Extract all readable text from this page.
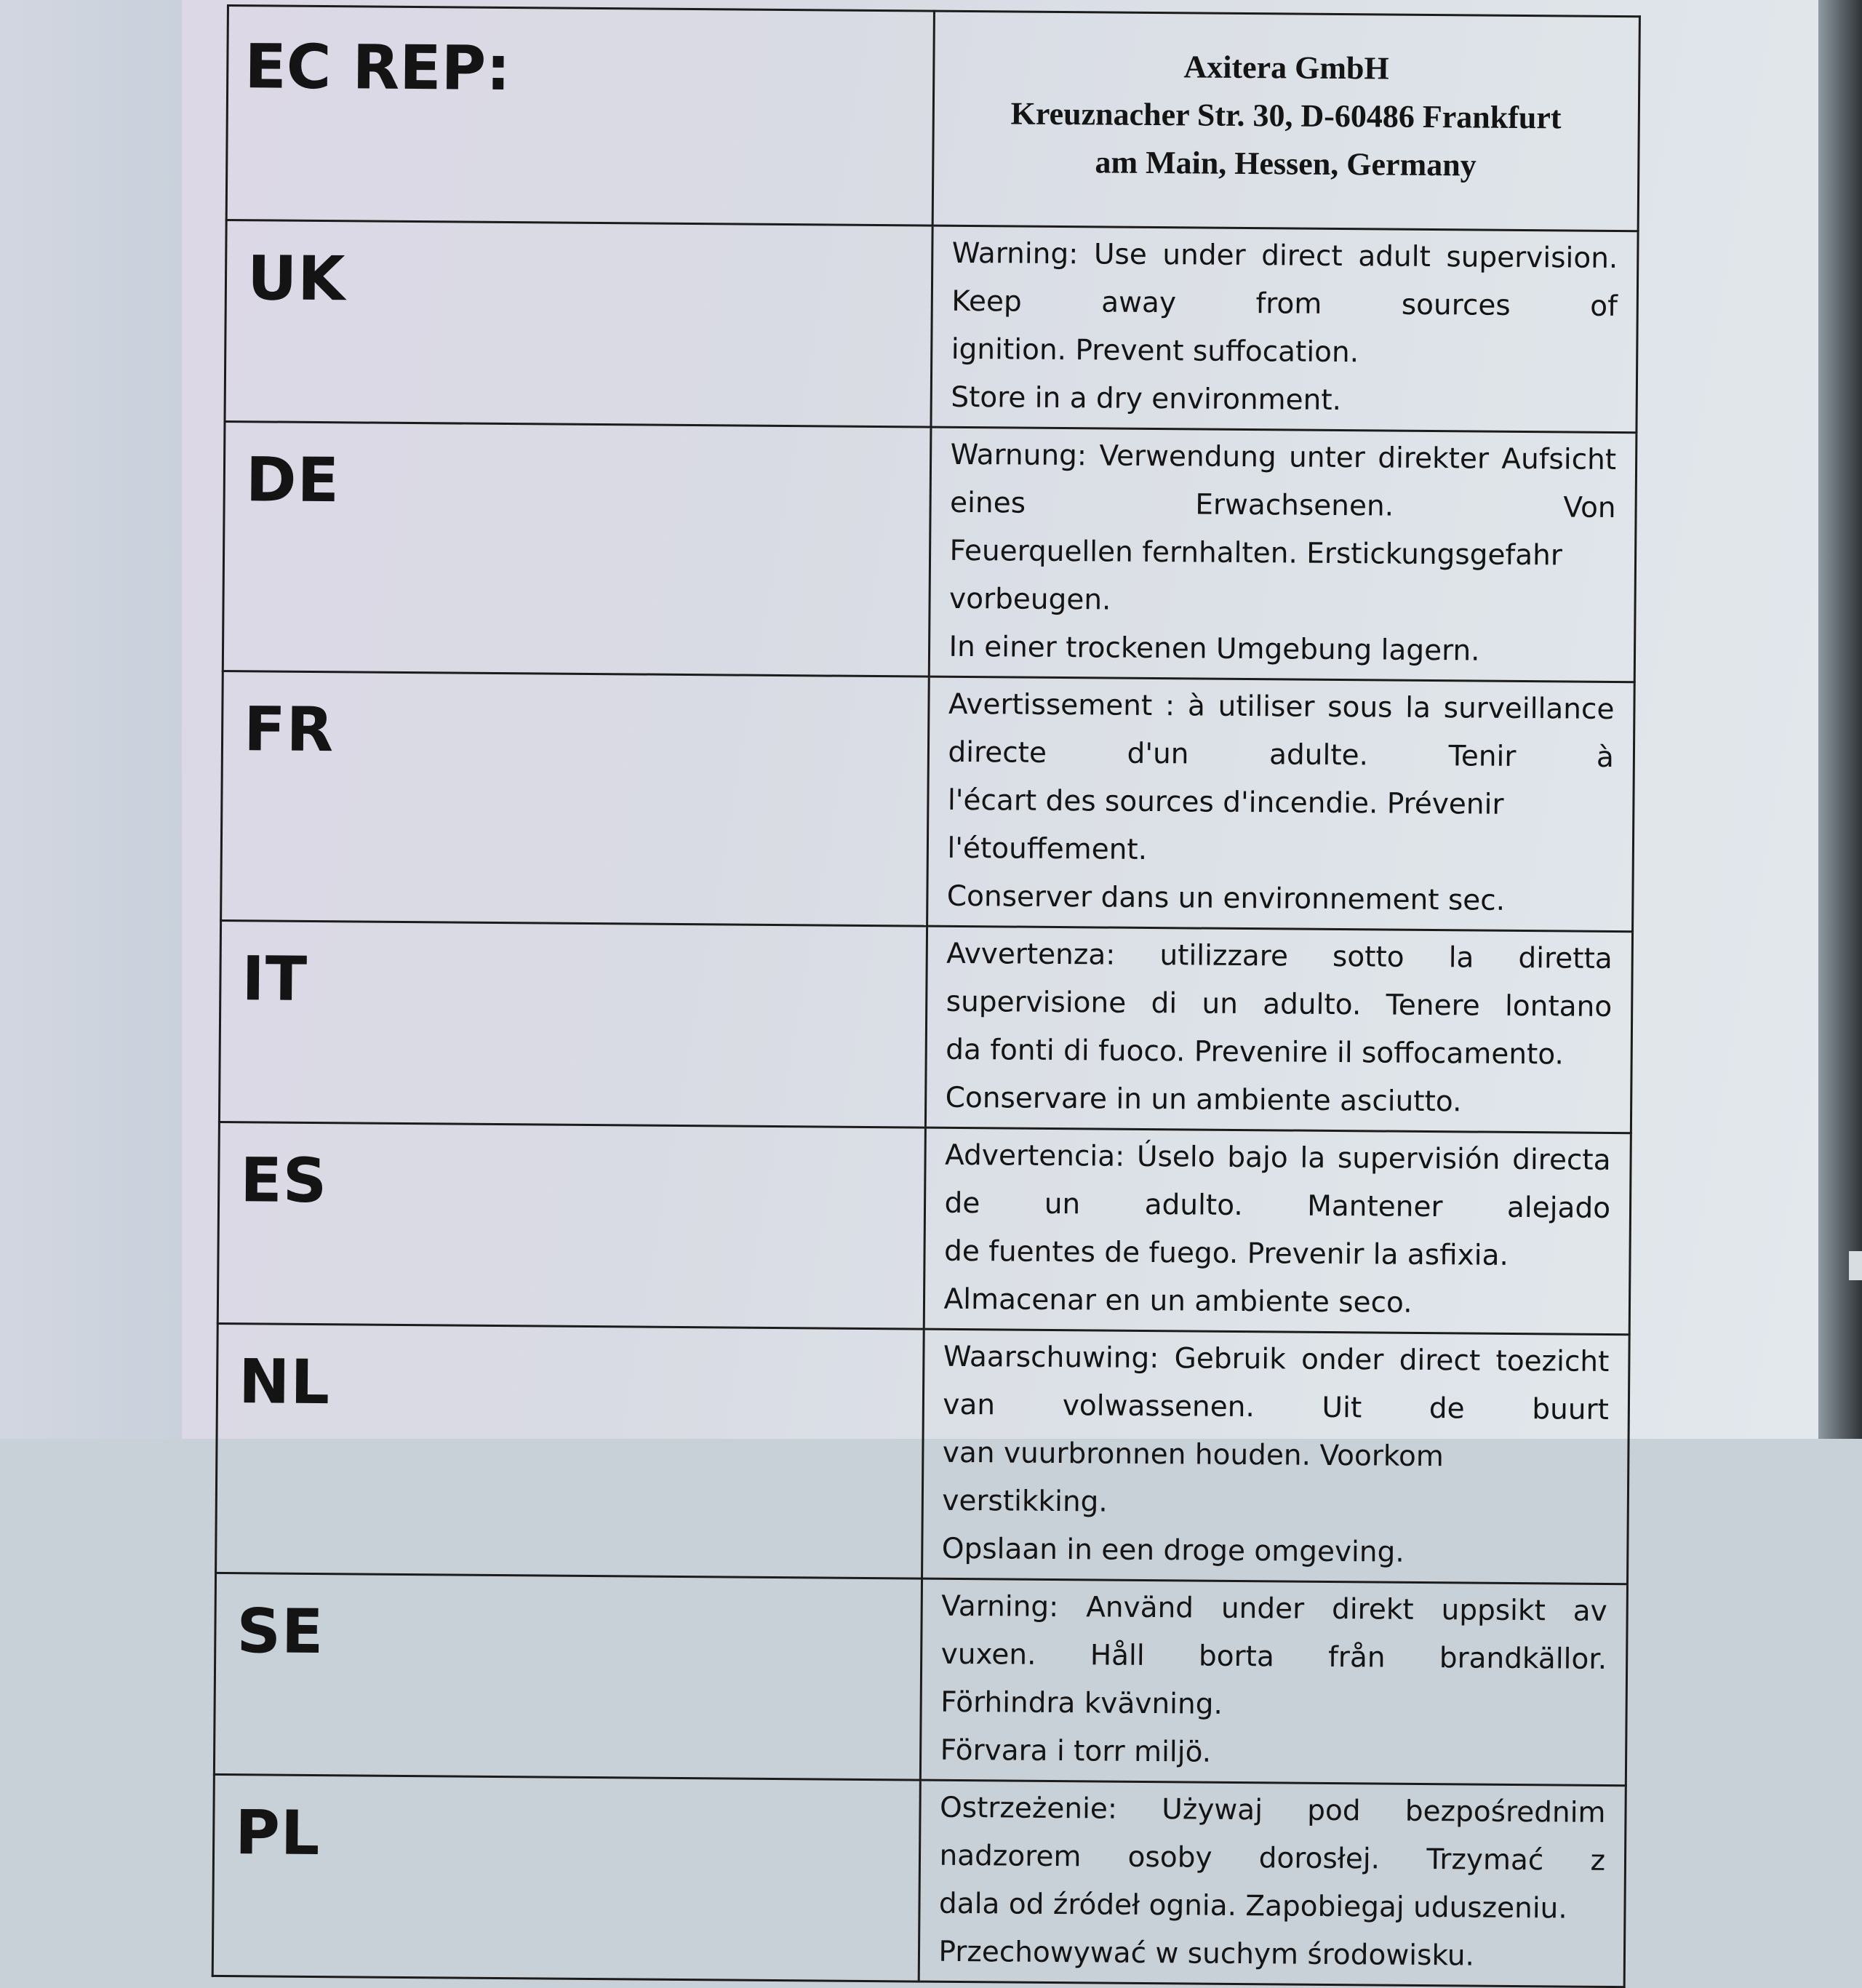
EC REP:	Axitera GmbH
Kreuznacher Str. 30, D-60486 Frankfurt
am Main, Hessen, Germany

UK	Warning: Use under direct adult supervision. Keep away from sources of
ignition. Prevent suffocation.
Store in a dry environment.

DE	Warnung: Verwendung unter direkter Aufsicht eines Erwachsenen. Von
Feuerquellen fernhalten. Erstickungsgefahr vorbeugen.
In einer trockenen Umgebung lagern.

FR	Avertissement : à utiliser sous la surveillance directe d'un adulte. Tenir à
l'écart des sources d'incendie. Prévenir l'étouffement.
Conserver dans un environnement sec.

IT	Avvertenza: utilizzare sotto la diretta supervisione di un adulto. Tenere lontano
da fonti di fuoco. Prevenire il soffocamento.
Conservare in un ambiente asciutto.

ES	Advertencia: Úselo bajo la supervisión directa de un adulto. Mantener alejado
de fuentes de fuego. Prevenir la asfixia.
Almacenar en un ambiente seco.

NL	Waarschuwing: Gebruik onder direct toezicht van volwassenen. Uit de buurt
van vuurbronnen houden. Voorkom verstikking.
Opslaan in een droge omgeving.

SE	Varning: Använd under direkt uppsikt av vuxen. Håll borta från brandkällor.
Förhindra kvävning.
Förvara i torr miljö.

PL	Ostrzeżenie: Używaj pod bezpośrednim nadzorem osoby dorosłej. Trzymać z
dala od źródeł ognia. Zapobiegaj uduszeniu.
Przechowywać w suchym środowisku.
